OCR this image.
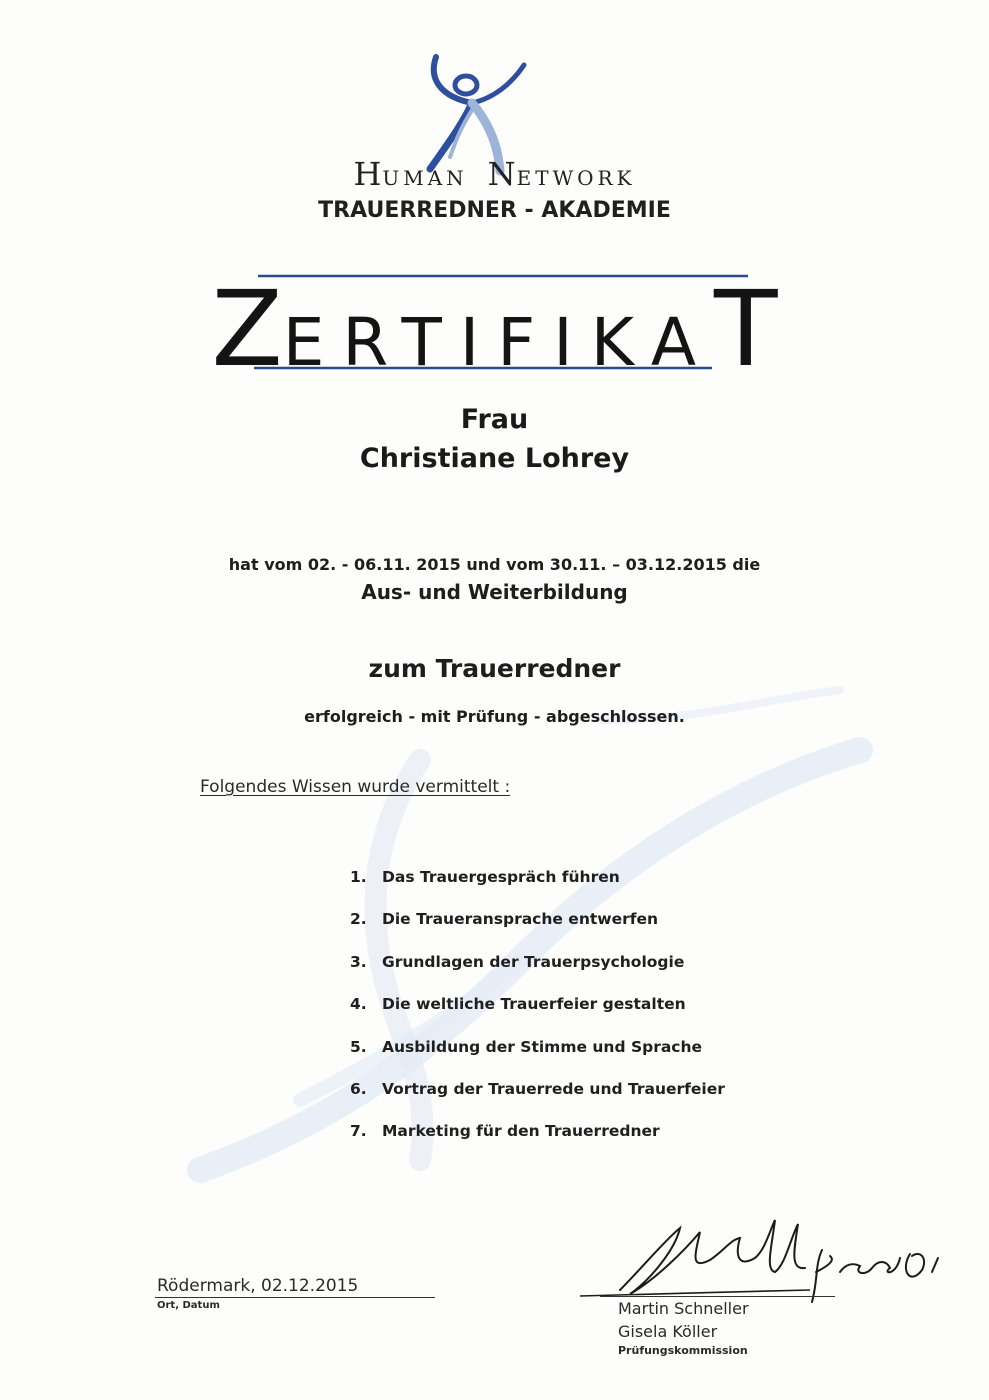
HUMAN NETWORK
TRAUERREDNER - AKADEMIE
ZERTIFIKAT
Frau
Christiane Lohrey
hat vom 02. - 06.11. 2015 und vom 30.11. – 03.12.2015 die
Aus- und Weiterbildung
zum Trauerredner
erfolgreich - mit Prüfung - abgeschlossen.
Folgendes Wissen wurde vermittelt :
1. Das Trauergespräch führen
2. Die Traueransprache entwerfen
3. Grundlagen der Trauerpsychologie
4. Die weltliche Trauerfeier gestalten
5. Ausbildung der Stimme und Sprache
6. Vortrag der Trauerrede und Trauerfeier
7. Marketing für den Trauerredner
Rödermark, 02.12.2015
Ort, Datum	Martin Schneller
Gisela Köller
Prüfungskommission
